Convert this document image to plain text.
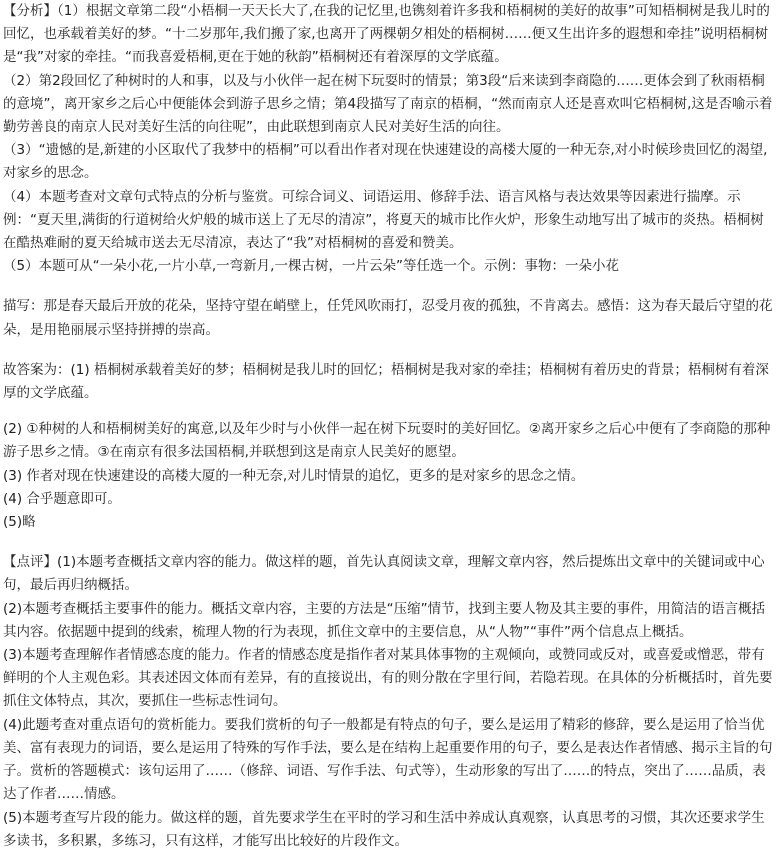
【分析】（1）根据文章第二段“小梧桐一天天长大了,在我的记忆里,也镌刻着许多我和梧桐树的美好的故事”可知梧桐树是我儿时的回忆，也承载着美好的梦。“十二岁那年,我们搬了家,也离开了两棵朝夕相处的梧桐树……便又生出许多的遐想和牵挂”说明梧桐树是“我”对家的牵挂。“而我喜爱梧桐,更在于她的秋韵”梧桐树还有着深厚的文学底蕴。

（2）第2段回忆了种树时的人和事，以及与小伙伴一起在树下玩耍时的情景；第3段“后来读到李商隐的……更体会到了秋雨梧桐的意境”，离开家乡之后心中便能体会到游子思乡之情；第4段描写了南京的梧桐，“然而南京人还是喜欢叫它梧桐树,这是否喻示着勤劳善良的南京人民对美好生活的向往呢”，由此联想到南京人民对美好生活的向往。

（3）“遗憾的是,新建的小区取代了我梦中的梧桐”可以看出作者对现在快速建设的高楼大厦的一种无奈,对小时候珍贵回忆的渴望,对家乡的思念。

（4）本题考查对文章句式特点的分析与鉴赏。可综合词义、词语运用、修辞手法、语言风格与表达效果等因素进行揣摩。示例：“夏天里,满街的行道树给火炉般的城市送上了无尽的清凉”，将夏天的城市比作火炉，形象生动地写出了城市的炎热。梧桐树在酷热难耐的夏天给城市送去无尽清凉，表达了“我”对梧桐树的喜爱和赞美。

（5）本题可从“一朵小花,一片小草,一弯新月,一棵古树，一片云朵”等任选一个。示例：事物：一朵小花

描写：那是春天最后开放的花朵，坚持守望在峭壁上，任凭风吹雨打，忍受月夜的孤独，不肯离去。感悟：这为春天最后守望的花朵，是用艳丽展示坚持拼搏的崇高。

故答案为：(1) 梧桐树承载着美好的梦；梧桐树是我儿时的回忆；梧桐树是我对家的牵挂；梧桐树有着历史的背景；梧桐树有着深厚的文学底蕴。

(2) ①种树的人和梧桐树美好的寓意,以及年少时与小伙伴一起在树下玩耍时的美好回忆。②离开家乡之后心中便有了李商隐的那种游子思乡之情。③在南京有很多法国梧桐,并联想到这是南京人民美好的愿望。

(3) 作者对现在快速建设的高楼大厦的一种无奈,对儿时情景的追忆，更多的是对家乡的思念之情。

(4) 合乎题意即可。

(5)略

【点评】(1)本题考查概括文章内容的能力。做这样的题，首先认真阅读文章，理解文章内容，然后提炼出文章中的关键词或中心句，最后再归纳概括。

(2)本题考查概括主要事件的能力。概括文章内容，主要的方法是“压缩”情节，找到主要人物及其主要的事件，用简洁的语言概括其内容。依据题中提到的线索，梳理人物的行为表现，抓住文章中的主要信息，从“人物”“事件”两个信息点上概括。

(3)本题考查理解作者情感态度的能力。作者的情感态度是指作者对某具体事物的主观倾向，或赞同或反对，或喜爱或憎恶，带有鲜明的个人主观色彩。其表述因文体而有差异，有的直接说出，有的则分散在字里行间，若隐若现。在具体的分析概括时，首先要抓住文体特点，其次，要抓住一些标志性词句。

(4)此题考查对重点语句的赏析能力。要我们赏析的句子一般都是有特点的句子，要么是运用了精彩的修辞，要么是运用了恰当优美、富有表现力的词语，要么是运用了特殊的写作手法，要么是在结构上起重要作用的句子，要么是表达作者情感、揭示主旨的句子。赏析的答题模式：该句运用了……（修辞、词语、写作手法、句式等），生动形象的写出了……的特点，突出了……品质，表达了作者……情感。

(5)本题考查写片段的能力。做这样的题，首先要求学生在平时的学习和生活中养成认真观察，认真思考的习惯，其次还要求学生多读书，多积累，多练习，只有这样，才能写出比较好的片段作文。
